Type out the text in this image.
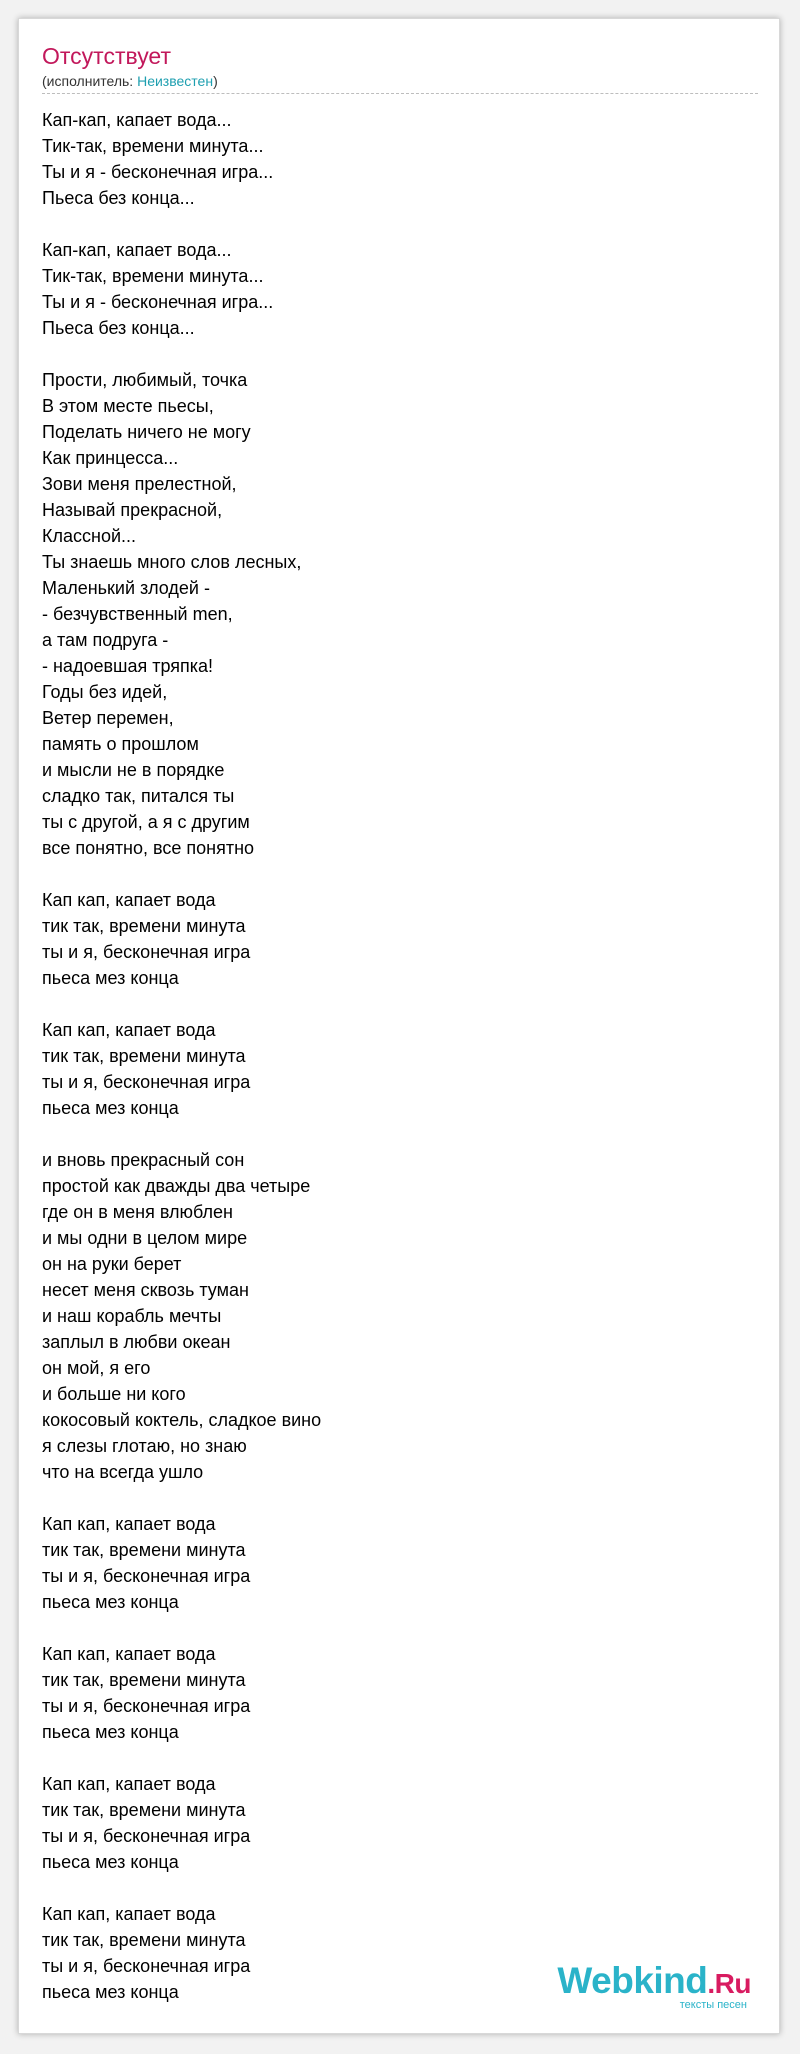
Отсутствует
(исполнитель: Неизвестен)
Кап-кап, капает вода...
Тик-так, времени минута...
Ты и я - бесконечная игра...
Пьеса без конца...
Кап-кап, капает вода...
Тик-так, времени минута...
Ты и я - бесконечная игра...
Пьеса без конца...
Прости, любимый, точка
В этом месте пьесы,
Поделать ничего не могу
Как принцесса...
Зови меня прелестной,
Называй прекрасной,
Классной...
Ты знаешь много слов лесных,
Маленький злодей -
- безчувственный men,
а там подруга -
- надоевшая тряпка!
Годы без идей,
Ветер перемен,
память о прошлом
и мысли не в порядке
сладко так, питался ты
ты с другой, а я с другим
все понятно, все понятно
Кап кап, капает вода
тик так, времени минута
ты и я, бесконечная игра
пьеса мез конца
Кап кап, капает вода
тик так, времени минута
ты и я, бесконечная игра
пьеса мез конца
и вновь прекрасный сон
простой как дважды два четыре
где он в меня влюблен
и мы одни в целом мире
он на руки берет
несет меня сквозь туман
и наш корабль мечты
заплыл в любви океан
он мой, я его
и больше ни кого
кокосовый коктель, сладкое вино
я слезы глотаю, но знаю
что на всегда ушло
Кап кап, капает вода
тик так, времени минута
ты и я, бесконечная игра
пьеса мез конца
Кап кап, капает вода
тик так, времени минута
ты и я, бесконечная игра
пьеса мез конца
Кап кап, капает вода
тик так, времени минута
ты и я, бесконечная игра
пьеса мез конца
Кап кап, капает вода
тик так, времени минута
ты и я, бесконечная игра
пьеса мез конца	Webkind.Ru
тексты песен
